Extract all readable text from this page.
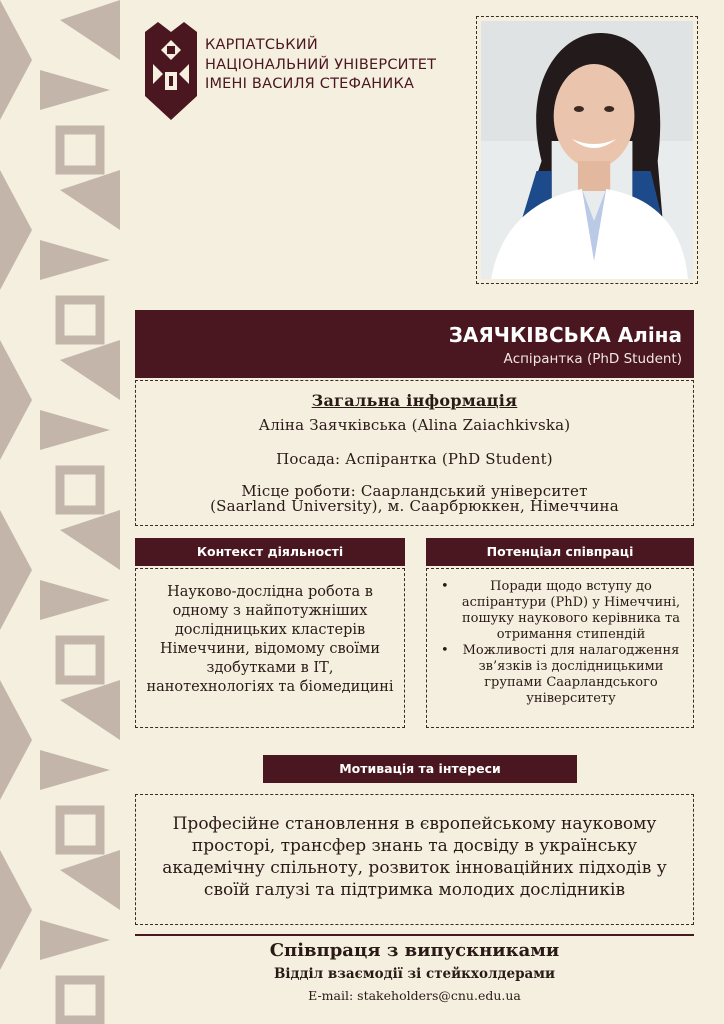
КАРПАТСЬКИЙ
НАЦІОНАЛЬНИЙ УНІВЕРСИТЕТ
ІМЕНІ ВАСИЛЯ СТЕФАНИКА
ЗАЯЧКІВСЬКА Аліна
Аспірантка (PhD Student)
Загальна інформація
Аліна Заячківська (Alina Zaiachkivska)
Посада: Аспірантка (PhD Student)
Місце роботи: Саарландський університет
(Saarland University), м. Саарбрюккен, Німеччина
Контекст діяльності
Науково-дослідна робота в одному з найпотужніших дослідницьких кластерів Німеччини, відомому своїми здобутками в ІТ, нанотехнологіях та біомедицині
Потенціал співпраці
•	Поради щодо вступу до аспірантури (PhD) у Німеччині, пошуку наукового керівника та отримання стипендій
• Можливості для налагодження зв’язків із дослідницькими групами Саарландського університету
Мотивація та інтереси
Професійне становлення в європейському науковому просторі, трансфер знань та досвіду в українську академічну спільноту, розвиток інноваційних підходів у своїй галузі та підтримка молодих дослідників
Співпраця з випускниками
Відділ взаємодії зі стейкхолдерами
E-mail: stakeholders@cnu.edu.ua
